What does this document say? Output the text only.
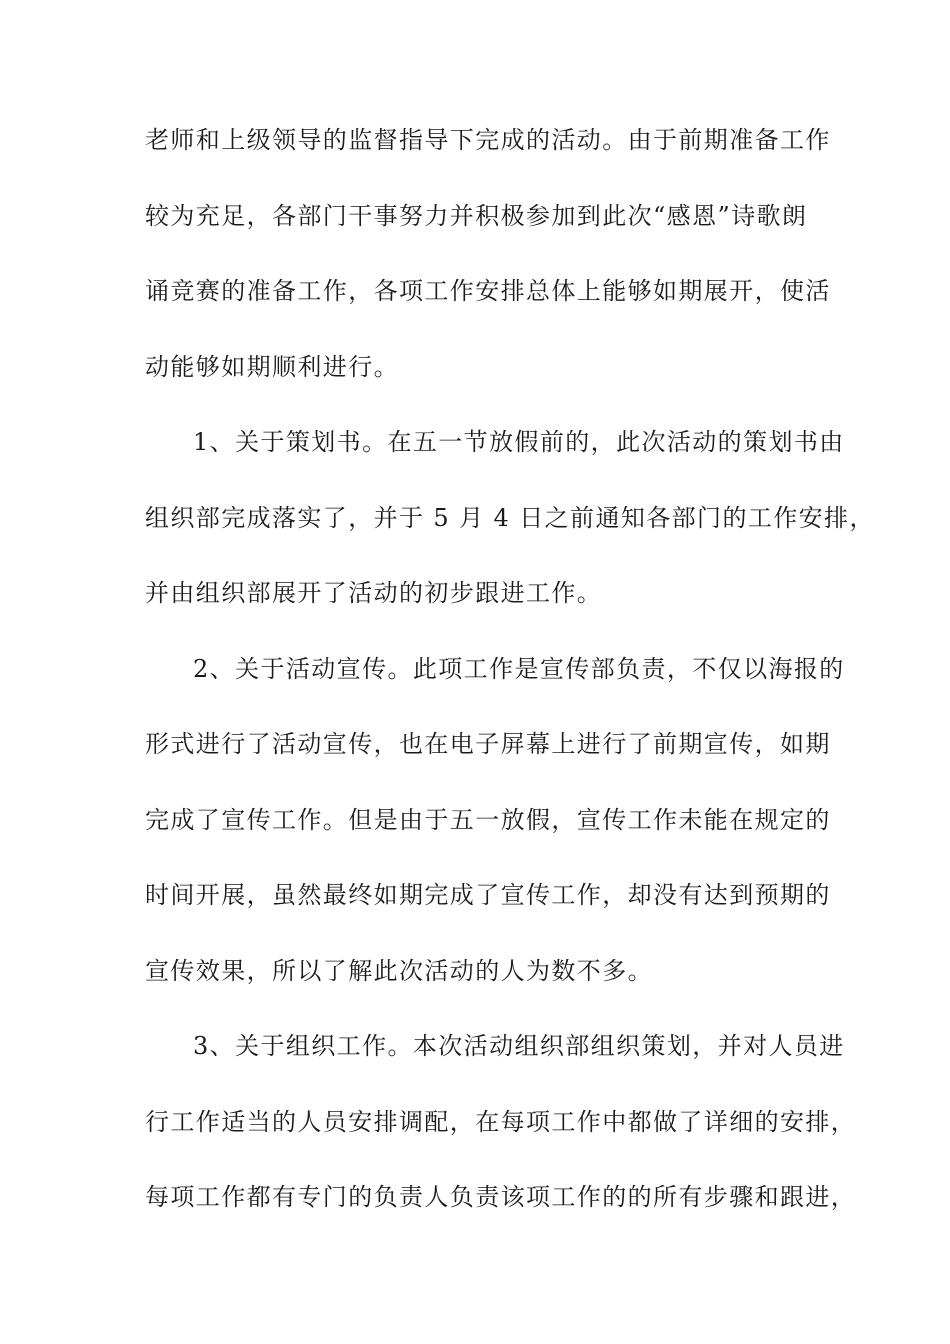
老师和上级领导的监督指导下完成的活动。由于前期准备工作
较为充足，各部门干事努力并积极参加到此次“感恩”诗歌朗
诵竞赛的准备工作，各项工作安排总体上能够如期展开，使活
动能够如期顺利进行。
1、关于策划书。在五一节放假前的，此次活动的策划书由
组织部完成落实了，并于 5 月 4 日之前通知各部门的工作安排，
并由组织部展开了活动的初步跟进工作。
2、关于活动宣传。此项工作是宣传部负责，不仅以海报的
形式进行了活动宣传，也在电子屏幕上进行了前期宣传，如期
完成了宣传工作。但是由于五一放假，宣传工作未能在规定的
时间开展，虽然最终如期完成了宣传工作，却没有达到预期的
宣传效果，所以了解此次活动的人为数不多。
3、关于组织工作。本次活动组织部组织策划，并对人员进
行工作适当的人员安排调配，在每项工作中都做了详细的安排，
每项工作都有专门的负责人负责该项工作的的所有步骤和跟进，
